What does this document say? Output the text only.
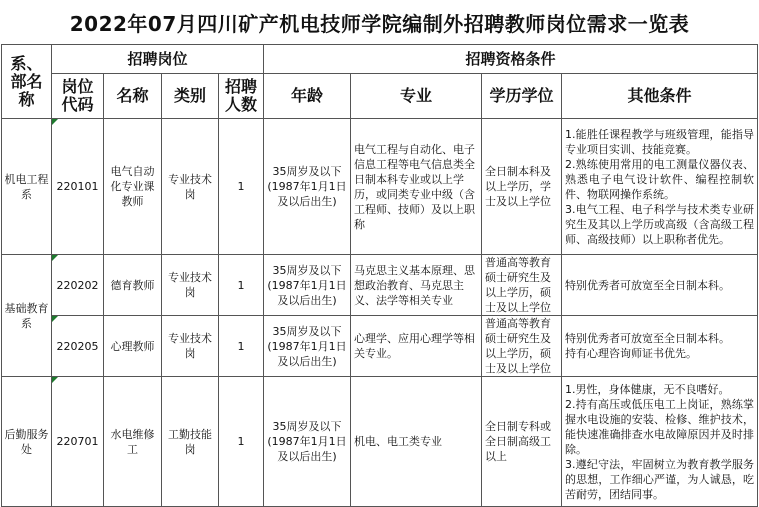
2022年07月四川矿产机电技师学院编制外招聘教师岗位需求一览表
系、部名称	招聘岗位				招聘资格条件			
	岗位代码	名称	类别	招聘人数	年龄	专业	学历学位	其他条件
机电工程系	220101	电气自动化专业课教师	专业技术岗	1	35周岁及以下(1987年1月1日及以后出生)	电气工程与自动化、电子信息工程等电气信息类全日制本科专业或以上学历，或同类专业中级（含工程师、技师）及以上职称	全日制本科及以上学历，学士及以上学位	1.能胜任课程教学与班级管理，能指导专业项目实训、技能竞赛。
2.熟练使用常用的电工测量仪器仪表、熟悉电子电气设计软件、编程控制软件、物联网操作系统。
3.电气工程、电子科学与技术类专业研究生及其以上学历或高级（含高级工程师、高级技师）以上职称者优先。

基础教育系	220202	德育教师	专业技术岗	1	35周岁及以下(1987年1月1日及以后出生)	马克思主义基本原理、思想政治教育、马克思主义、法学等相关专业	普通高等教育硕士研究生及以上学历，硕士及以上学位	特别优秀者可放宽至全日制本科。

	220205	心理教师	专业技术岗	1	35周岁及以下(1987年1月1日及以后出生)	心理学、应用心理学等相关专业。	普通高等教育硕士研究生及以上学历，硕士及以上学位	特别优秀者可放宽至全日制本科。
持有心理咨询师证书优先。

后勤服务处	220701	水电维修工	工勤技能岗	1	35周岁及以下(1987年1月1日及以后出生)	机电、电工类专业	全日制专科或全日制高级工以上	1.男性，身体健康，无不良嗜好。
2.持有高压或低压电工上岗证，熟练掌握水电设施的安装、检修、维护技术，能快速准确排查水电故障原因并及时排除。
3.遵纪守法，牢固树立为教育教学服务的思想，工作细心严谨，为人诚恳，吃苦耐劳，团结同事。
